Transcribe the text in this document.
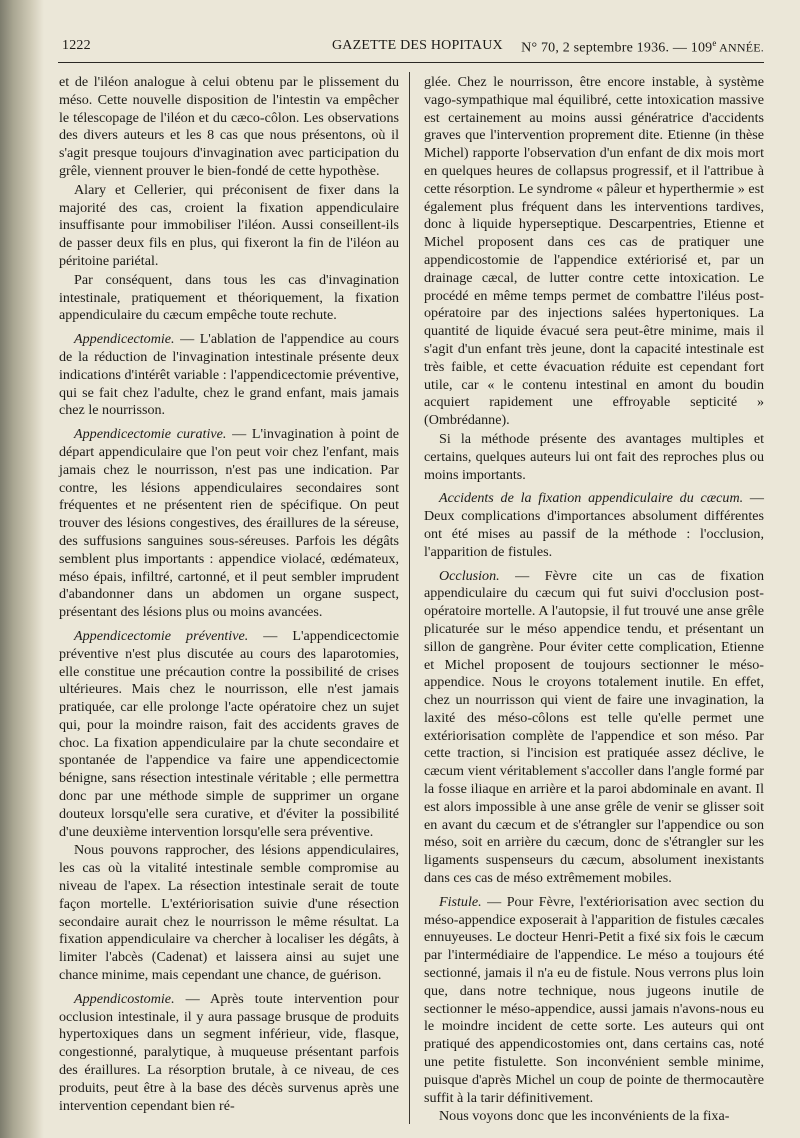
1222	GAZETTE DES HOPITAUX N° 70, 2 septembre 1936. — 109e ANNÉE.

et de l'iléon analogue à celui obtenu par le plissement du méso. Cette nouvelle disposition de l'intestin va empêcher le télescopage de l'iléon et du cæco-côlon. Les observations des divers auteurs et les 8 cas que nous présentons, où il s'agit presque toujours d'invagination avec participation du grêle, viennent prouver le bien-fondé de cette hypothèse.

Alary et Cellerier, qui préconisent de fixer dans la majorité des cas, croient la fixation appendiculaire insuffisante pour immobiliser l'iléon. Aussi conseillent-ils de passer deux fils en plus, qui fixeront la fin de l'iléon au péritoine pariétal.

Par conséquent, dans tous les cas d'invagination intestinale, pratiquement et théoriquement, la fixation appendiculaire du cæcum empêche toute rechute.

Appendicectomie. — L'ablation de l'appendice au cours de la réduction de l'invagination intestinale présente deux indications d'intérêt variable : l'appendicectomie préventive, qui se fait chez l'adulte, chez le grand enfant, mais jamais chez le nourrisson.

Appendicectomie curative. — L'invagination à point de départ appendiculaire que l'on peut voir chez l'enfant, mais jamais chez le nourrisson, n'est pas une indication. Par contre, les lésions appendiculaires secondaires sont fréquentes et ne présentent rien de spécifique. On peut trouver des lésions congestives, des éraillures de la séreuse, des suffusions sanguines sous-séreuses. Parfois les dégâts semblent plus importants : appendice violacé, œdémateux, méso épais, infiltré, cartonné, et il peut sembler imprudent d'abandonner dans un abdomen un organe suspect, présentant des lésions plus ou moins avancées.

Appendicectomie préventive. — L'appendicectomie préventive n'est plus discutée au cours des laparotomies, elle constitue une précaution contre la possibilité de crises ultérieures. Mais chez le nourrisson, elle n'est jamais pratiquée, car elle prolonge l'acte opératoire chez un sujet qui, pour la moindre raison, fait des accidents graves de choc. La fixation appendiculaire par la chute secondaire et spontanée de l'appendice va faire une appendicectomie bénigne, sans résection intestinale véritable ; elle permettra donc par une méthode simple de supprimer un organe douteux lorsqu'elle sera curative, et d'éviter la possibilité d'une deuxième intervention lorsqu'elle sera préventive.

Nous pouvons rapprocher, des lésions appendiculaires, les cas où la vitalité intestinale semble compromise au niveau de l'apex. La résection intestinale serait de toute façon mortelle. L'extériorisation suivie d'une résection secondaire aurait chez le nourrisson le même résultat. La fixation appendiculaire va chercher à localiser les dégâts, à limiter l'abcès (Cadenat) et laissera ainsi au sujet une chance minime, mais cependant une chance, de guérison.

Appendicostomie. — Après toute intervention pour occlusion intestinale, il y aura passage brusque de produits hypertoxiques dans un segment inférieur, vide, flasque, congestionné, paralytique, à muqueuse présentant parfois des éraillures. La résorption brutale, à ce niveau, de ces produits, peut être à la base des décès survenus après une intervention cependant bien ré-

glée. Chez le nourrisson, être encore instable, à système vago-sympathique mal équilibré, cette intoxication massive est certainement au moins aussi génératrice d'accidents graves que l'intervention proprement dite. Etienne (in thèse Michel) rapporte l'observation d'un enfant de dix mois mort en quelques heures de collapsus progressif, et il l'attribue à cette résorption. Le syndrome « pâleur et hyperthermie » est également plus fréquent dans les interventions tardives, donc à liquide hyperseptique. Descarpentries, Etienne et Michel proposent dans ces cas de pratiquer une appendicostomie de l'appendice extériorisé et, par un drainage cæcal, de lutter contre cette intoxication. Le procédé en même temps permet de combattre l'iléus post-opératoire par des injections salées hypertoniques. La quantité de liquide évacué sera peut-être minime, mais il s'agit d'un enfant très jeune, dont la capacité intestinale est très faible, et cette évacuation réduite est cependant fort utile, car « le contenu intestinal en amont du boudin acquiert rapidement une effroyable septicité » (Ombrédanne).

Si la méthode présente des avantages multiples et certains, quelques auteurs lui ont fait des reproches plus ou moins importants.

Accidents de la fixation appendiculaire du cæcum. — Deux complications d'importances absolument différentes ont été mises au passif de la méthode : l'occlusion, l'apparition de fistules.

Occlusion. — Fèvre cite un cas de fixation appendiculaire du cæcum qui fut suivi d'occlusion post-opératoire mortelle. A l'autopsie, il fut trouvé une anse grêle plicaturée sur le méso appendice tendu, et présentant un sillon de gangrène. Pour éviter cette complication, Etienne et Michel proposent de toujours sectionner le méso-appendice. Nous le croyons totalement inutile. En effet, chez un nourrisson qui vient de faire une invagination, la laxité des méso-côlons est telle qu'elle permet une extériorisation complète de l'appendice et son méso. Par cette traction, si l'incision est pratiquée assez déclive, le cæcum vient véritablement s'accoller dans l'angle formé par la fosse iliaque en arrière et la paroi abdominale en avant. Il est alors impossible à une anse grêle de venir se glisser soit en avant du cæcum et de s'étrangler sur l'appendice ou son méso, soit en arrière du cæcum, donc de s'étrangler sur les ligaments suspenseurs du cæcum, absolument inexistants dans ces cas de méso extrêmement mobiles.

Fistule. — Pour Fèvre, l'extériorisation avec section du méso-appendice exposerait à l'apparition de fistules cæcales ennuyeuses. Le docteur Henri-Petit a fixé six fois le cæcum par l'intermédiaire de l'appendice. Le méso a toujours été sectionné, jamais il n'a eu de fistule. Nous verrons plus loin que, dans notre technique, nous jugeons inutile de sectionner le méso-appendice, aussi jamais n'avons-nous eu le moindre incident de cette sorte. Les auteurs qui ont pratiqué des appendicostomies ont, dans certains cas, noté une petite fistulette. Son inconvénient semble minime, puisque d'après Michel un coup de pointe de thermocautère suffit à la tarir définitivement.

Nous voyons donc que les inconvénients de la fixa-
